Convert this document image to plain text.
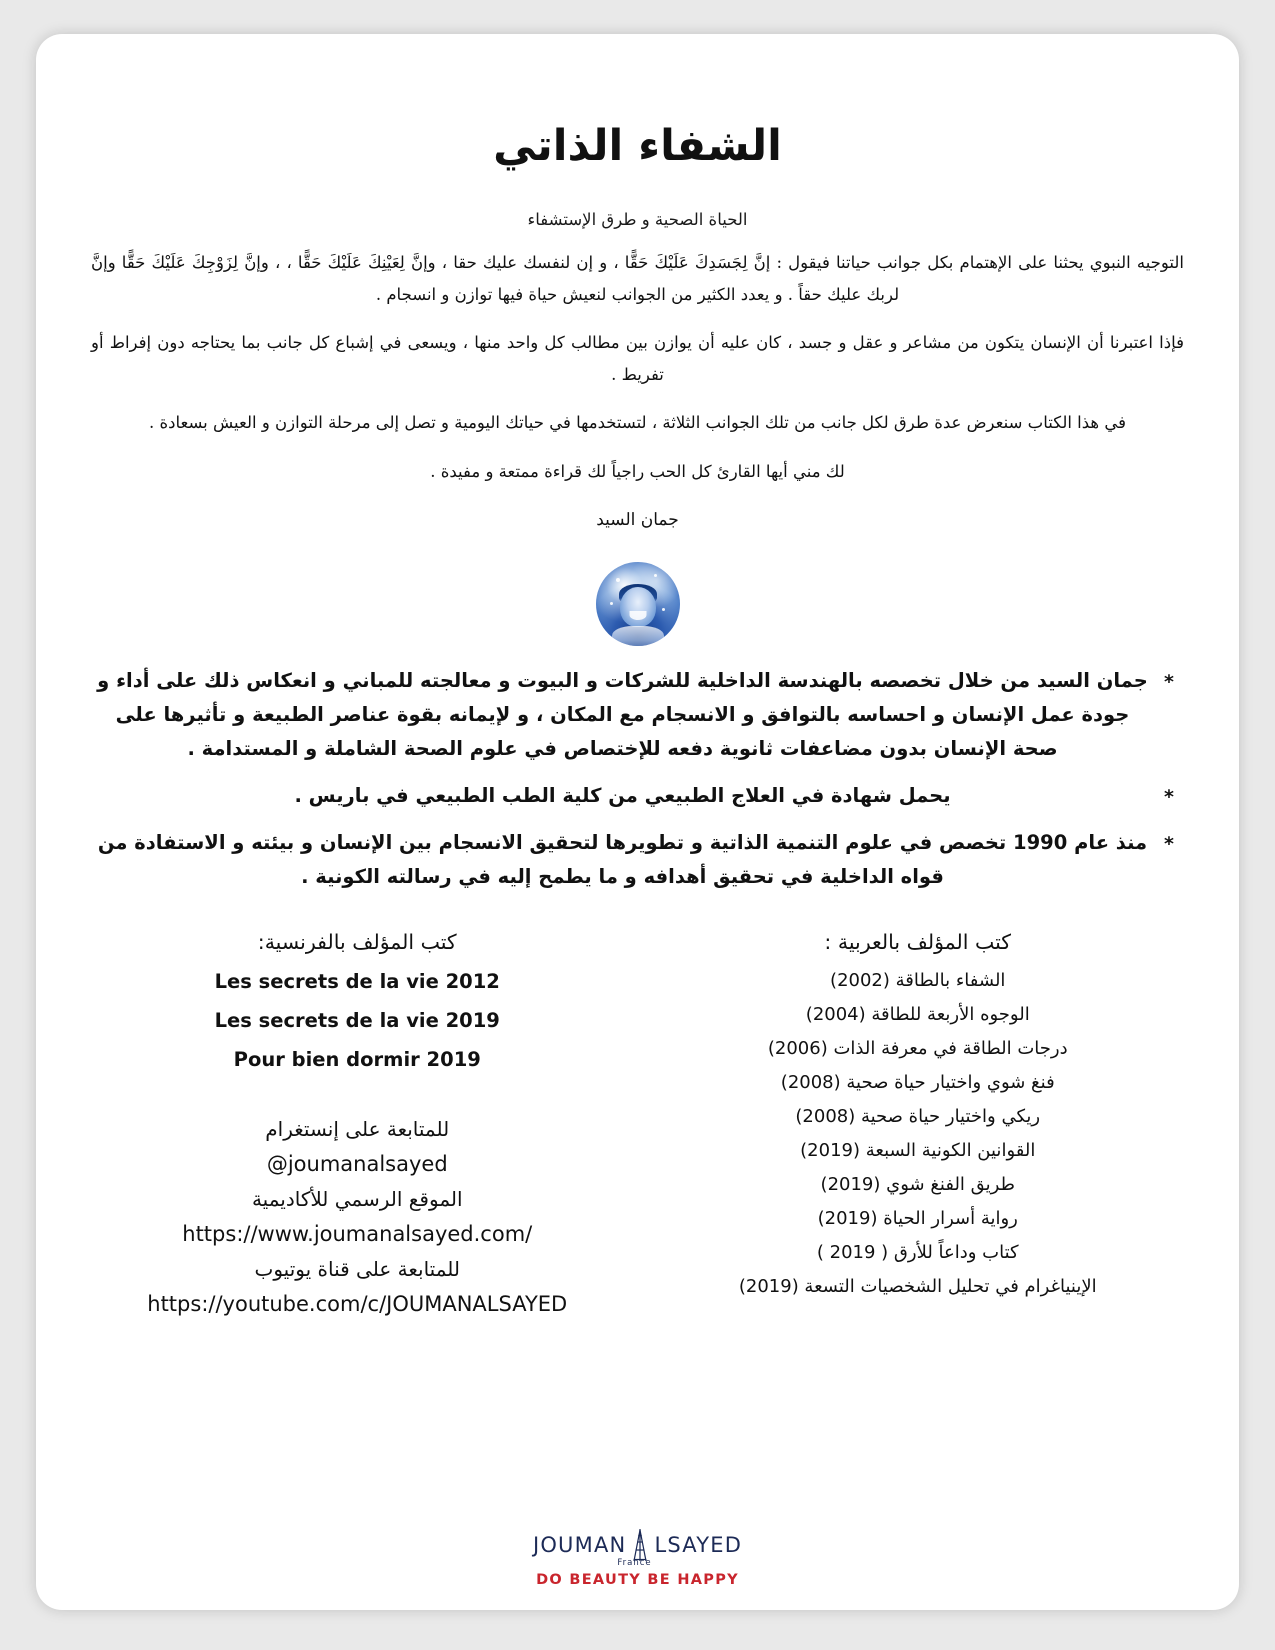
الشفاء الذاتي
الحياة الصحية و طرق الإستشفاء

التوجيه النبوي يحثنا على الإهتمام بكل جوانب حياتنا فيقول : إنَّ لِجَسَدِكَ عَلَيْكَ حَقًّا ، و إن لنفسك عليك حقا ، وإنَّ لِعَيْنِكَ عَلَيْكَ حَقًّا ، ، وإنَّ لِزَوْجِكَ عَلَيْكَ حَقًّا وإنَّ لربك عليك حقاً . و يعدد الكثير من الجوانب لنعيش حياة فيها توازن و انسجام .

فإذا اعتبرنا أن الإنسان يتكون من مشاعر و عقل و جسد ، كان عليه أن يوازن بين مطالب كل واحد منها ، ويسعى في إشباع كل جانب بما يحتاجه دون إفراط أو تفريط .

في هذا الكتاب سنعرض عدة طرق لكل جانب من تلك الجوانب الثلاثة ، لتستخدمها في حياتك اليومية و تصل إلى مرحلة التوازن و العيش بسعادة .

لك مني أيها القارئ كل الحب راجياً لك قراءة ممتعة و مفيدة .

جمان السيد
*
جمان السيد من خلال تخصصه بالهندسة الداخلية للشركات و البيوت و معالجته للمباني و انعكاس ذلك على أداء و جودة عمل الإنسان و احساسه بالتوافق و الانسجام مع المكان ، و لإيمانه بقوة عناصر الطبيعة و تأثيرها على صحة الإنسان بدون مضاعفات ثانوية دفعه للإختصاص في علوم الصحة الشاملة و المستدامة .
*
يحمل شهادة في العلاج الطبيعي من كلية الطب الطبيعي في باريس .
*
منذ عام 1990 تخصص في علوم التنمية الذاتية و تطويرها لتحقيق الانسجام بين الإنسان و بيئته و الاستفادة من قواه الداخلية في تحقيق أهدافه و ما يطمح إليه في رسالته الكونية .
كتب المؤلف بالعربية :
الشفاء بالطاقة (2002)
الوجوه الأربعة للطاقة (2004)
درجات الطاقة في معرفة الذات (2006)
فنغ شوي واختيار حياة صحية (2008)
ريكي واختيار حياة صحية (2008)
القوانين الكونية السبعة (2019)
طريق الفنغ شوي (2019)
رواية أسرار الحياة (2019)
كتاب وداعاً للأرق ( 2019 )
الإينياغرام في تحليل الشخصيات التسعة (2019)
كتب المؤلف بالفرنسية:
Les secrets de la vie 2012
Les secrets de la vie 2019
Pour bien dormir 2019
للمتابعة على إنستغرام
@joumanalsayed
الموقع الرسمي للأكاديمية
https://www.joumanalsayed.com/
للمتابعة على قناة يوتيوب
https://youtube.com/c/JOUMANALSAYED
JOUMAN LSAYED
France
DO BEAUTY BE HAPPY
